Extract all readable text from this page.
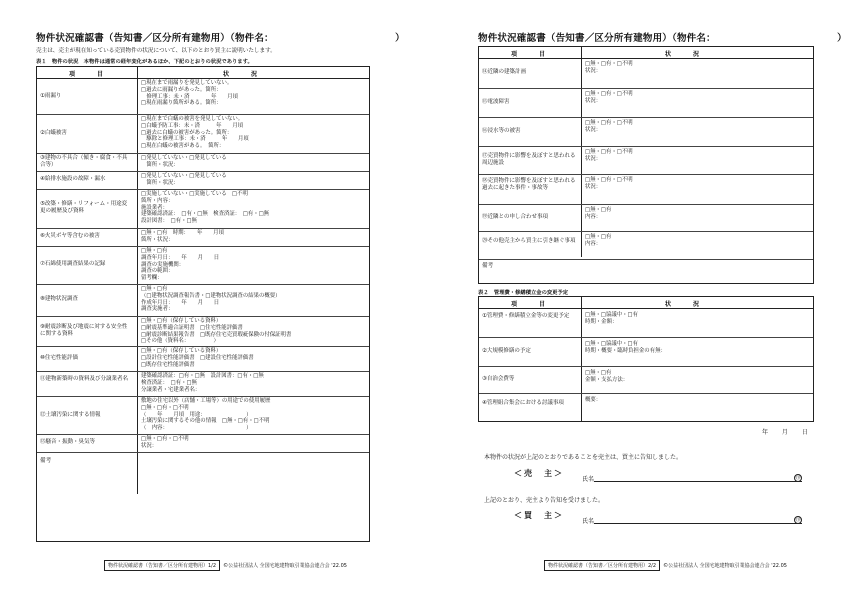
物件状況確認書（告知書／区分所有建物用）（物件名：　　　　　　　　　　　　　）
売主は、売主が現在知っている売買物件の状況について、以下のとおり買主に説明いたします。
表１　物件の状況　本物件は通常の経年変化があるほか、下記のとおりの状況であります。
項　目	状　況
①雨漏り
□現在まで雨漏りを発見していない。
□過去に雨漏りがあった。箇所：
　修理工事：未・済　　　　年　　月頃
□現在雨漏り箇所がある。箇所：
②白蟻被害
□現在まで白蟻の被害を発見していない。
□白蟻予防工事：未・済　　　年　　月頃
□過去に白蟻の被害があった。箇所：
　駆除と修理工事：未・済　　　年　　月頃
□現在白蟻の被害がある。　箇所：
③建物の不具合（傾き・腐食・不具合等）
□発見していない・□発見している
　箇所・状況：
④給排水施設の故障・漏水	□発見していない・□発見している
　箇所・状況：
⑤改築・修繕・リフォーム・用途変更の履歴及び資料
□実施していない・□実施している　□不明
箇所・内容：
施設業者：
建築確認済証：　□有・□無　検査済証：　□有・□無
設計図書：　□有・□無
⑥火災ボヤ等含むの被害	□無・□有　時期：　　年　　月頃
箇所・状況：
⑦石綿使用調査結果の記録
□無・□有
調査年月日：　　年　　月　　日
調査の実施機関：
調査の範囲：
留考欄：
⑧建物状況調査
□無・□有
（□建物状況調査報告書・□建物状況調査の結果の概要）
作成年月日：　　年　　月　　日
調査実施者：
⑨耐震診断及び地震に対する安全性に関する資料
□無・□有（保存している資料）
□耐震基準適合証明書　□住宅性能評価書
□耐震診断結果報告書　□既存住宅売買瑕疵保険の付保証明書
□その他（資料名：　　　　　）
⑩住宅性能評価
□無・□有（保存している資料）
□設計住宅性能評価書　□建設住宅性能評価書
□既存住宅性能評価書
⑪建物新築時の資料及び分譲業者名	建築確認済証：□有・□無　設計図書：□有・□無
検査済証：　□有・□無
分譲業者・宅建業者名：
⑫土壌汚染に関する情報
敷地の住宅以外（店舗・工場等）の用途での使用履歴
□無・□有・□不明
（　　年　　月頃　用途：　　　　　　　　）
土壌汚染に関するその他の情報　□無・□有・□不明
（　内容：　　　　　　　　　　　　　　　）
⑬騒音・振動・臭気等	□無・□有・□不明
状況：
備考
物件状況確認書（告知書／区分所有建物用）1/2 ©公益社団法人 全国宅地建物取引業協会連合会 '22.05
物件状況確認書（告知書／区分所有建物用）（物件名：　　　　　　　　　　　　　）
項　目	状　況
⑭近隣の建築計画
□無・□有・□不明
状況：
⑮電波障害
□無・□有・□不明
状況：
⑯浸水等の被害
□無・□有・□不明
状況：
⑰売買物件に影響を及ぼすと思われる周辺施設
□無・□有・□不明
状況：
⑱売買物件に影響を及ぼすと思われる過去に起きた事件・事故等
□無・□有・□不明
状況：
⑲近隣との申し合わせ事項
□無・□有
内容：
⑳その他売主から買主に引き継ぐ事項
□無・□有
内容：
備考
表２　管理費・修繕積立金の変更予定
項　目	状　況
①管理費・修繕積立金等の変更予定	□無・□協議中・□有
時期・金額：
②大規模修繕の予定
□無・□協議中・□有
時期・概要・臨時負担金の有無：
③自治会費等
□無・□有
金額・支払方法：
④管理組合集会における討議事項	概要：
年 月 日
本物件の状況が上記のとおりであることを売主は、買主に告知しました。
＜売　主＞
氏名	㊞
上記のとおり、売主より告知を受けました。
＜買　主＞
氏名	㊞
物件状況確認書（告知書／区分所有建物用）2/2 ©公益社団法人 全国宅地建物取引業協会連合会 '22.05
